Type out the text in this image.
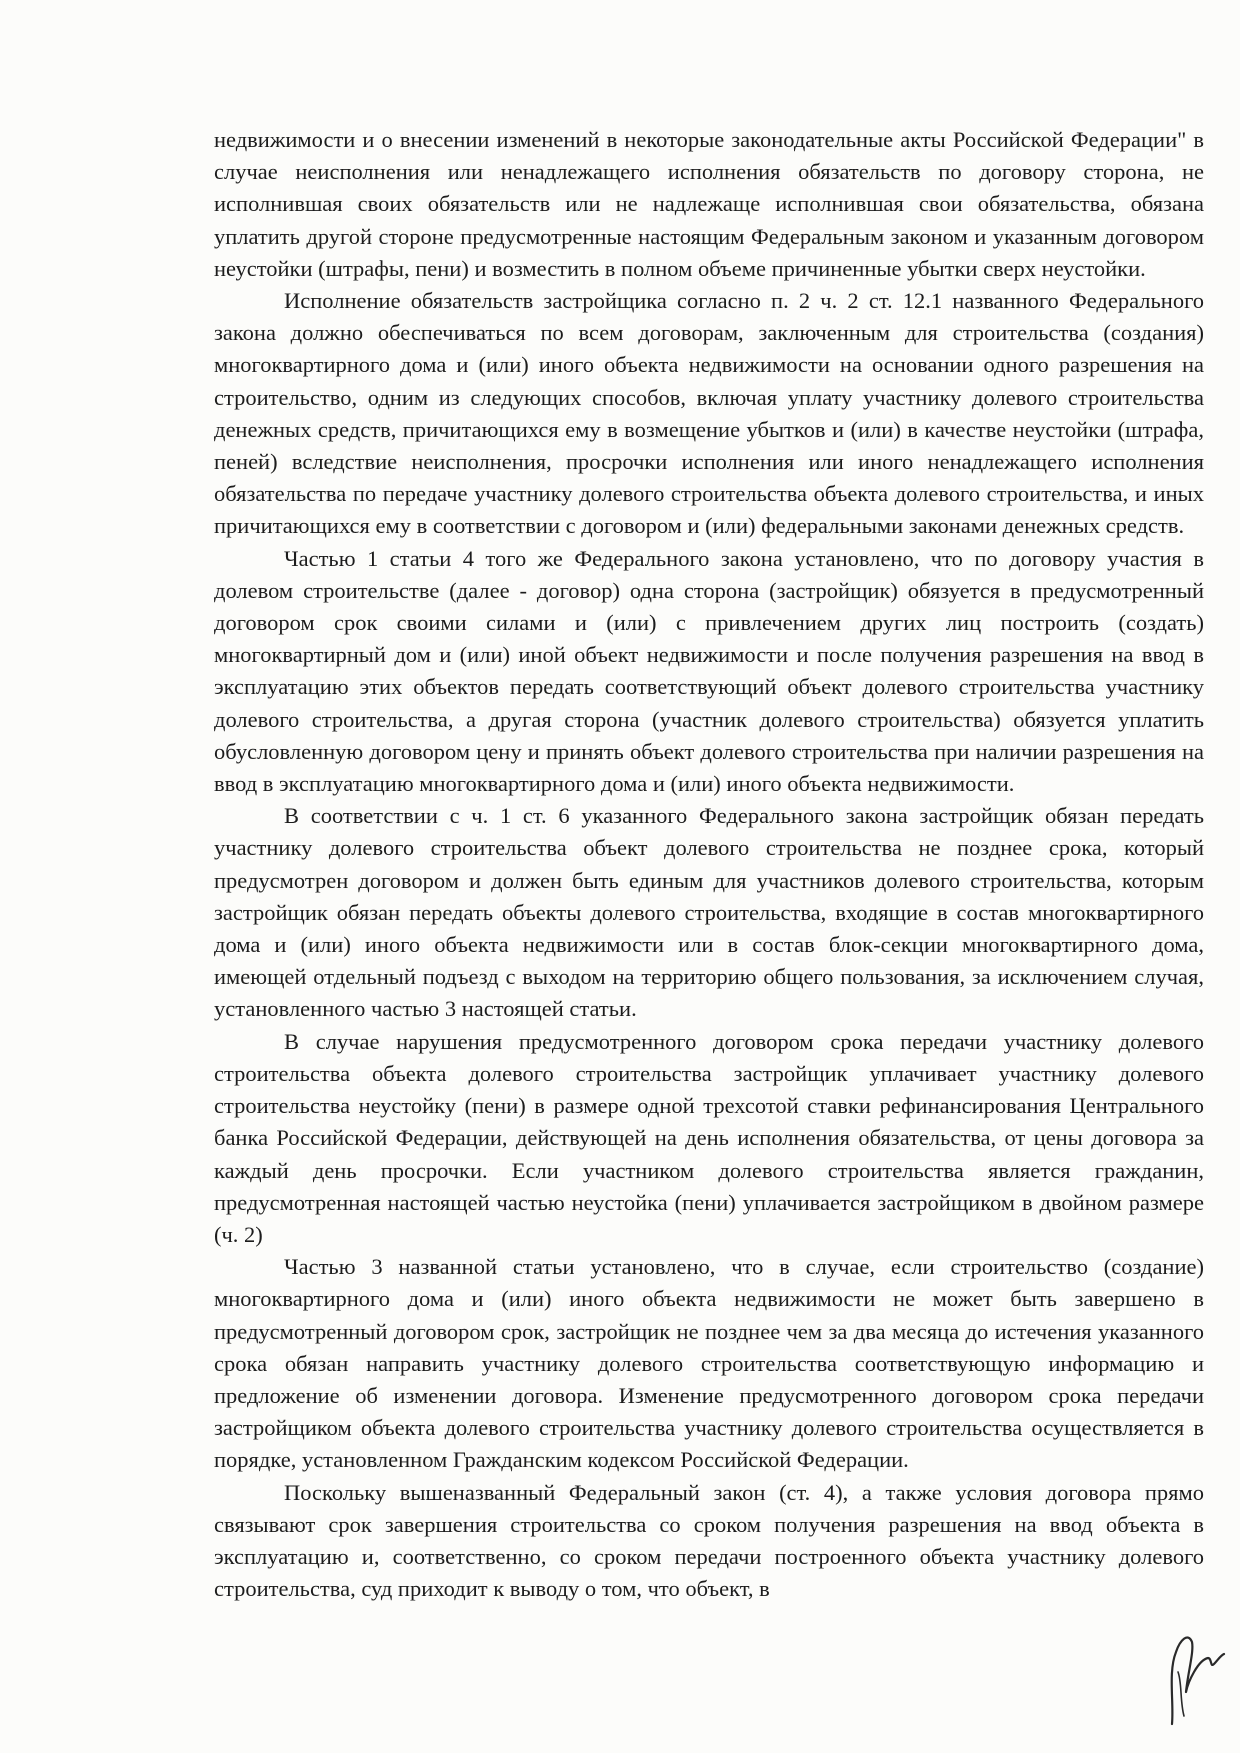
недвижимости и о внесении изменений в некоторые законодательные акты Российской Федерации" в случае неисполнения или ненадлежащего исполнения обязательств по договору сторона, не исполнившая своих обязательств или не надлежаще исполнившая свои обязательства, обязана уплатить другой стороне предусмотренные настоящим Федеральным законом и указанным договором неустойки (штрафы, пени) и возместить в полном объеме причиненные убытки сверх неустойки.

Исполнение обязательств застройщика согласно п. 2 ч. 2 ст. 12.1 названного Федерального закона должно обеспечиваться по всем договорам, заключенным для строительства (создания) многоквартирного дома и (или) иного объекта недвижимости на основании одного разрешения на строительство, одним из следующих способов, включая уплату участнику долевого строительства денежных средств, причитающихся ему в возмещение убытков и (или) в качестве неустойки (штрафа, пеней) вследствие неисполнения, просрочки исполнения или иного ненадлежащего исполнения обязательства по передаче участнику долевого строительства объекта долевого строительства, и иных причитающихся ему в соответствии с договором и (или) федеральными законами денежных средств.

Частью 1 статьи 4 того же Федерального закона установлено, что по договору участия в долевом строительстве (далее - договор) одна сторона (застройщик) обязуется в предусмотренный договором срок своими силами и (или) с привлечением других лиц построить (создать) многоквартирный дом и (или) иной объект недвижимости и после получения разрешения на ввод в эксплуатацию этих объектов передать соответствующий объект долевого строительства участнику долевого строительства, а другая сторона (участник долевого строительства) обязуется уплатить обусловленную договором цену и принять объект долевого строительства при наличии разрешения на ввод в эксплуатацию многоквартирного дома и (или) иного объекта недвижимости.

В соответствии с ч. 1 ст. 6 указанного Федерального закона застройщик обязан передать участнику долевого строительства объект долевого строительства не позднее срока, который предусмотрен договором и должен быть единым для участников долевого строительства, которым застройщик обязан передать объекты долевого строительства, входящие в состав многоквартирного дома и (или) иного объекта недвижимости или в состав блок-секции многоквартирного дома, имеющей отдельный подъезд с выходом на территорию общего пользования, за исключением случая, установленного частью 3 настоящей статьи.

В случае нарушения предусмотренного договором срока передачи участнику долевого строительства объекта долевого строительства застройщик уплачивает участнику долевого строительства неустойку (пени) в размере одной трехсотой ставки рефинансирования Центрального банка Российской Федерации, действующей на день исполнения обязательства, от цены договора за каждый день просрочки. Если участником долевого строительства является гражданин, предусмотренная настоящей частью неустойка (пени) уплачивается застройщиком в двойном размере (ч. 2)

Частью 3 названной статьи установлено, что в случае, если строительство (создание) многоквартирного дома и (или) иного объекта недвижимости не может быть завершено в предусмотренный договором срок, застройщик не позднее чем за два месяца до истечения указанного срока обязан направить участнику долевого строительства соответствующую информацию и предложение об изменении договора. Изменение предусмотренного договором срока передачи застройщиком объекта долевого строительства участнику долевого строительства осуществляется в порядке, установленном Гражданским кодексом Российской Федерации.

Поскольку вышеназванный Федеральный закон (ст. 4), а также условия договора прямо связывают срок завершения строительства со сроком получения разрешения на ввод объекта в эксплуатацию и, соответственно, со сроком передачи построенного объекта участнику долевого строительства, суд приходит к выводу о том, что объект, в
